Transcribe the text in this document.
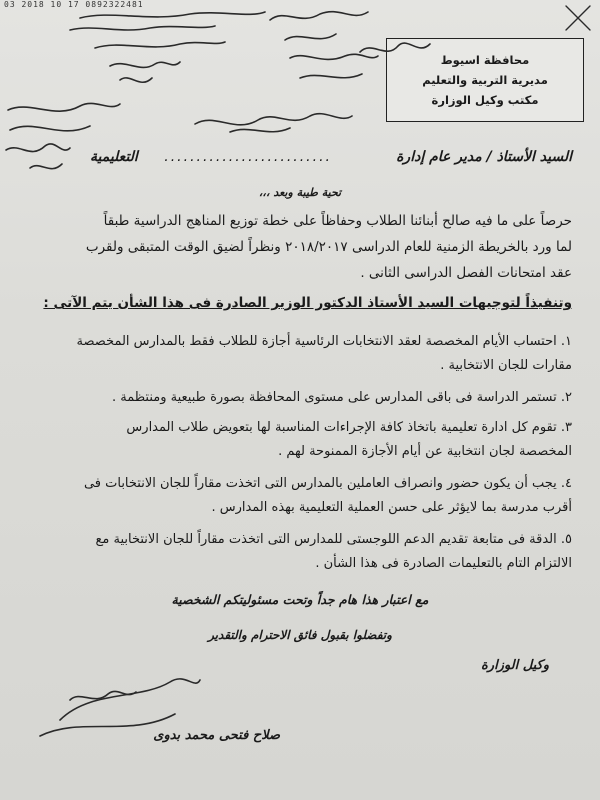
03 2018 10 17 0892322481
محافظة اسيوط
مديرية التربية والتعليم
مكتب وكيل الوزارة
السيد الأستاذ / مدير عام إدارة
..........................
التعليمية
تحية طيبة وبعد ،،،
حرصاً على ما فيه صالح أبنائنا الطلاب وحفاظاً على خطة توزيع المناهج الدراسية طبقاً
لما ورد بالخريطة الزمنية للعام الدراسى ٢٠١٨/٢٠١٧ ونظراً لضيق الوقت المتبقى ولقرب
عقد امتحانات الفصل الدراسى الثانى .
وتنفيذاً لتوجيهات السيد الأستاذ الدكتور الوزير الصادرة فى هذا الشأن يتم الآتى :
١. احتساب الأيام المخصصة لعقد الانتخابات الرئاسية أجازة للطلاب فقط بالمدارس المخصصة
مقارات للجان الانتخابية .
٢. تستمر الدراسة فى باقى المدارس على مستوى المحافظة بصورة طبيعية ومنتظمة .
٣. تقوم كل ادارة تعليمية باتخاذ كافة الإجراءات المناسبة لها بتعويض طلاب المدارس
المخصصة لجان انتخابية عن أيام الأجازة الممنوحة لهم .
٤. يجب أن يكون حضور وانصراف العاملين بالمدارس التى اتخذت مقاراً للجان الانتخابات فى
أقرب مدرسة بما لايؤثر على حسن العملية التعليمية بهذه المدارس .
٥. الدقة فى متابعة تقديم الدعم اللوجستى للمدارس التى اتخذت مقاراً للجان الانتخابية مع
الالتزام التام بالتعليمات الصادرة فى هذا الشأن .
مع اعتبار هذا هام جداً وتحت مسئوليتكم الشخصية
وتفضلوا بقبول فائق الاحترام والتقدير
وكيل الوزارة
صلاح فتحى محمد بدوى
